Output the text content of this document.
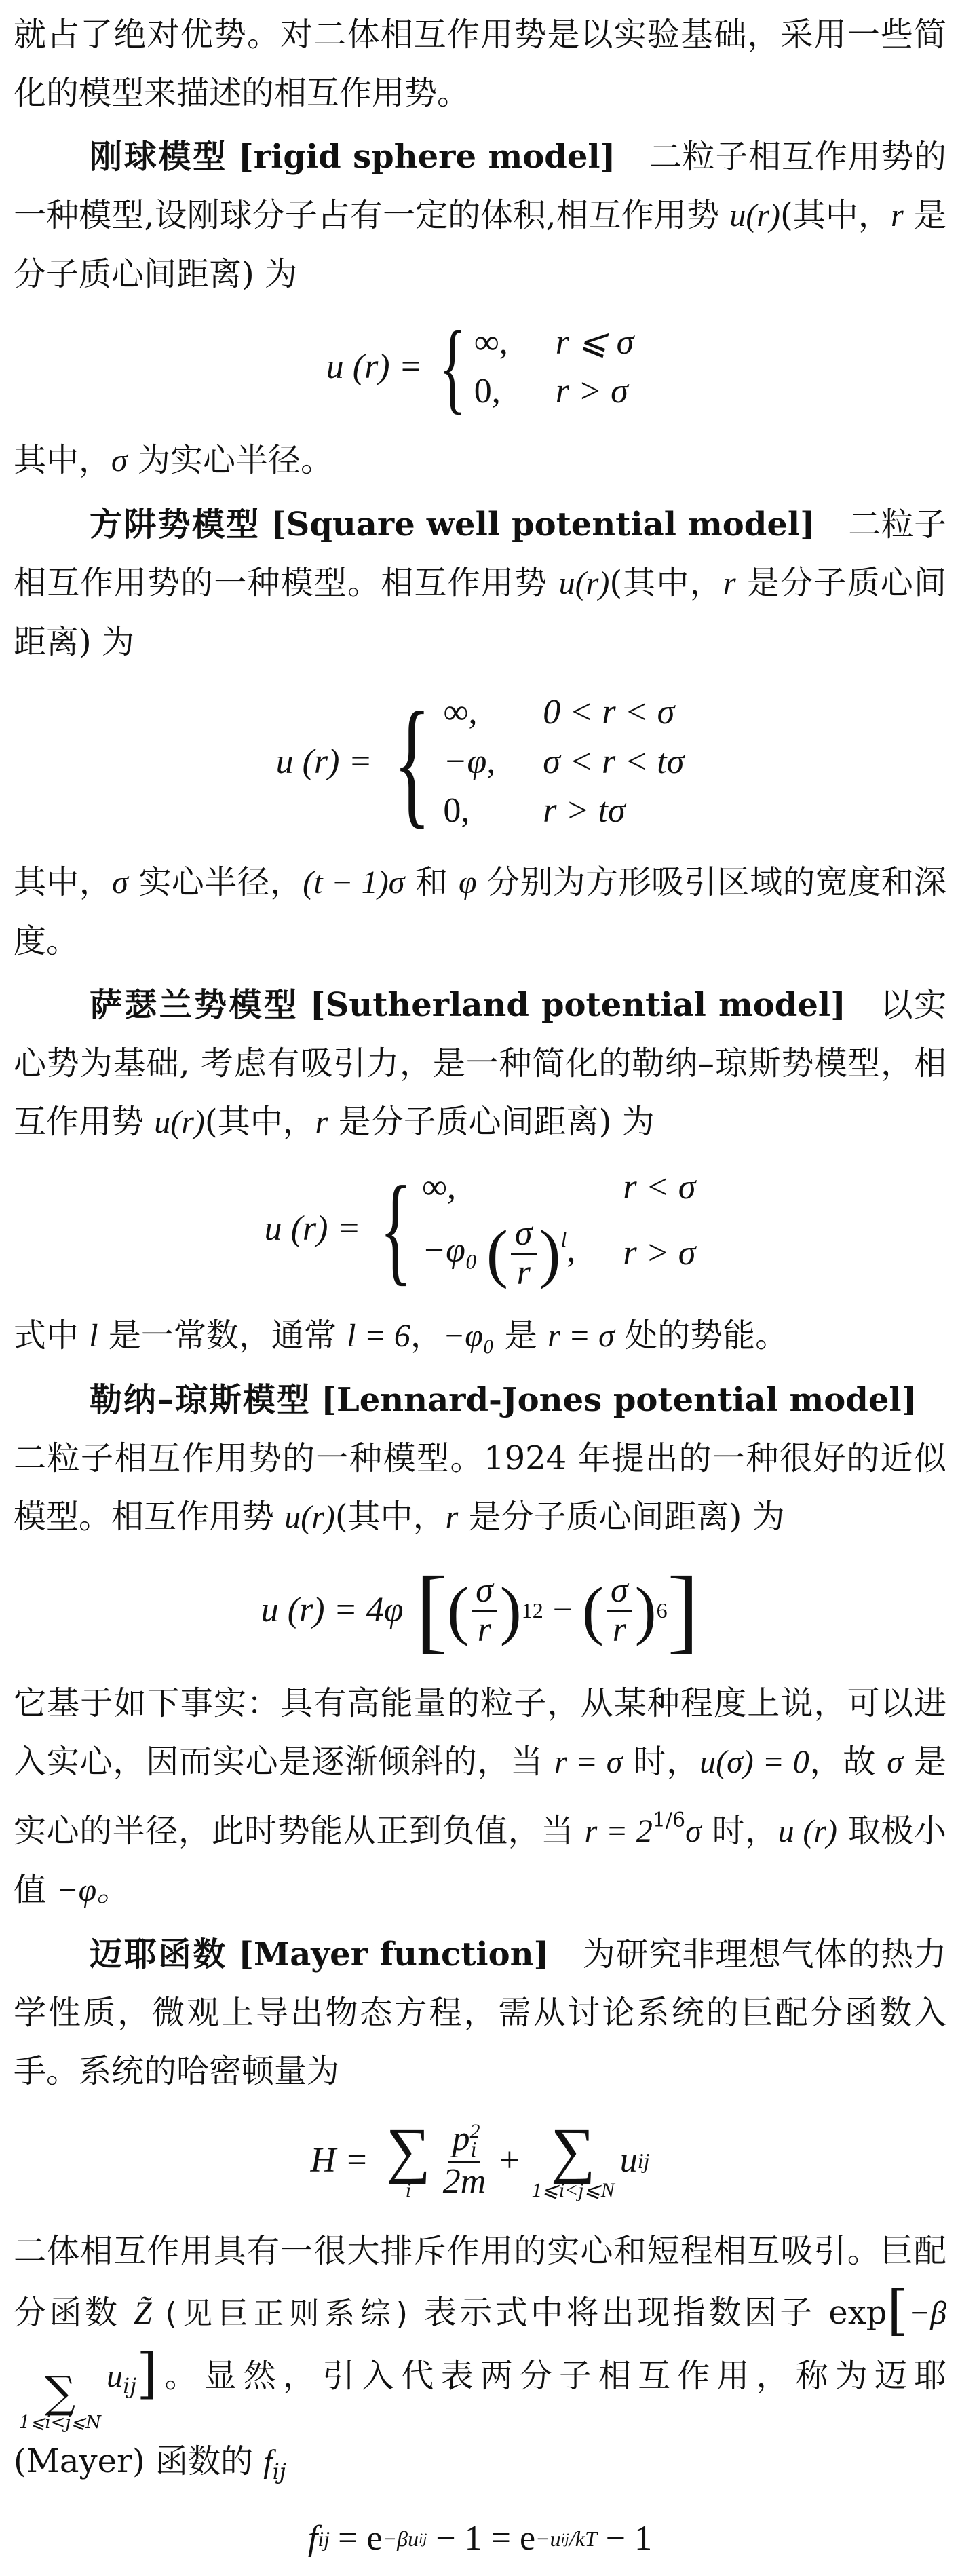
就占了绝对优势。对二体相互作用势是以实验基础，采用一些简化的模型来描述的相互作用势。

刚球模型 [rigid sphere model]　二粒子相互作用势的一种模型,设刚球分子占有一定的体积,相互作用势 u(r)(其中，r 是分子质心间距离) 为

u (r) = { ∞, r ⩽ σ
0, r > σ

其中，σ 为实心半径。

方阱势模型 [Square well potential model]　二粒子相互作用势的一种模型。相互作用势 u(r)(其中，r 是分子质心间距离) 为

u (r) = { ∞,	0 < r < σ
−φ, σ < r < tσ
0,	r > tσ

其中，σ 实心半径，(t − 1)σ 和 φ 分别为方形吸引区域的宽度和深度。

萨瑟兰势模型 [Sutherland potential model]　以实心势为基础, 考虑有吸引力，是一种简化的勒纳–琼斯势模型，相互作用势 u(r)(其中，r 是分子质心间距离) 为

u (r) = { ∞,	r < σ
−φ₀ ( $\frac{\sigma}{r} )^l$, r > σ

式中 l 是一常数，通常 l = 6，−φ₀ 是 r = σ 处的势能。

勒纳–琼斯模型 [Lennard-Jones potential model]　二粒子相互作用势的一种模型。1924 年提出的一种很好的近似模型。相互作用势 u(r)(其中，r 是分子质心间距离) 为

u (r) = 4φ [ ( $\frac{\sigma}{r}$ ) 12 − ( $\frac{\sigma}{r}$ ) 6 ]

它基于如下事实：具有高能量的粒子，从某种程度上说，可以进入实心，因而实心是逐渐倾斜的，当 r = σ 时，u(σ) = 0，故 σ 是实心的半径，此时势能从正到负值，当 $r = 2^{1/6}\sigma$ 时，u (r) 取极小值 −φ。

迈耶函数 [Mayer function]　为研究非理想气体的热力学性质，微观上导出物态方程，需从讨论系统的巨配分函数入手。系统的哈密顿量为

H = ∑
i $\frac{p^2_i}{2m}$ + ∑
1⩽i<j⩽N
u ij

二体相互作用具有一很大排斥作用的实心和短程相互吸引。巨配分函数 Z̃ (见巨正则系综) 表示式中将出现指数因子 exp[−β
∑
1⩽i<j⩽N
$u_{ij}$]。显然，引入代表两分子相互作用，称为迈耶 (Mayer) 函数的 $f_{ij}$

f ij = e −βu ij − 1 = e −u ij /kT − 1
